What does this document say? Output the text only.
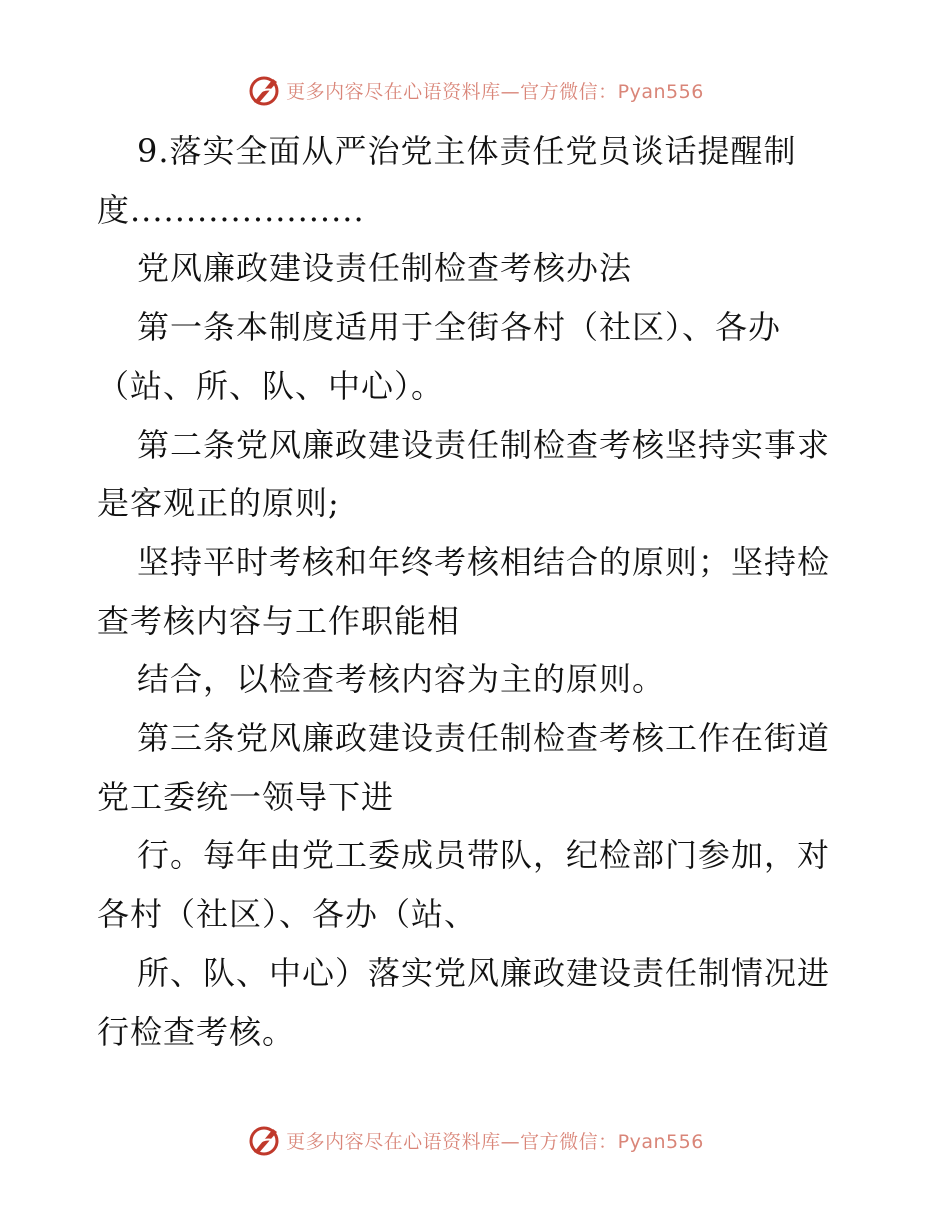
更多内容尽在心语资料库—官方微信：Pyan556
9.落实全面从严治党主体责任党员谈话提醒制
度.....................
党风廉政建设责任制检查考核办法
第一条本制度适用于全街各村（社区）、各办
（站、所、队、中心）。
第二条党风廉政建设责任制检查考核坚持实事求
是客观正的原则;
坚持平时考核和年终考核相结合的原则；坚持检
查考核内容与工作职能相
结合，以检查考核内容为主的原则。
第三条党风廉政建设责任制检查考核工作在街道
党工委统一领导下进
行。每年由党工委成员带队，纪检部门参加，对
各村（社区）、各办（站、
所、队、中心）落实党风廉政建设责任制情况进
行检查考核。
更多内容尽在心语资料库—官方微信：Pyan556
